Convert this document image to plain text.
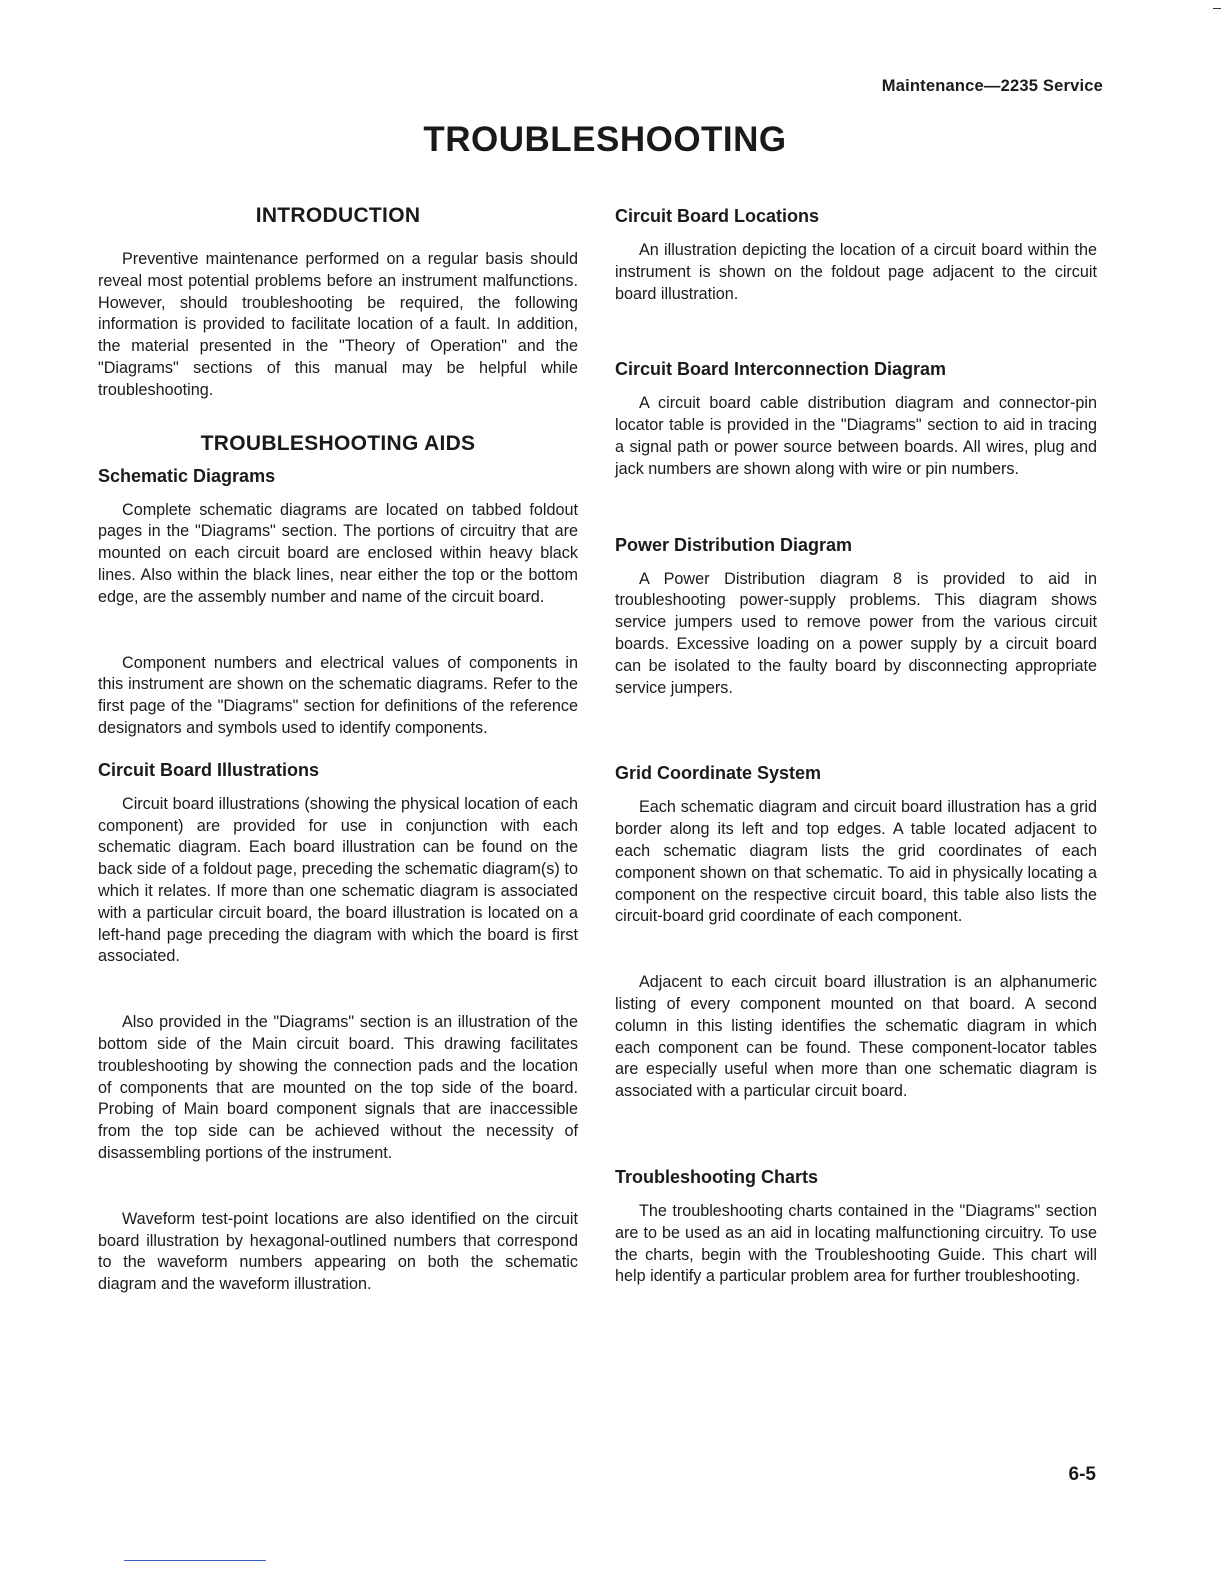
Maintenance—2235 Service
TROUBLESHOOTING
INTRODUCTION

Preventive maintenance performed on a regular basis should reveal most potential problems before an instrument malfunctions. However, should troubleshooting be required, the following information is provided to facilitate location of a fault. In addition, the material presented in the "Theory of Operation" and the "Diagrams" sections of this manual may be helpful while troubleshooting.

TROUBLESHOOTING AIDS
Schematic Diagrams

Complete schematic diagrams are located on tabbed foldout pages in the "Diagrams" section. The portions of circuitry that are mounted on each circuit board are enclosed within heavy black lines. Also within the black lines, near either the top or the bottom edge, are the assembly number and name of the circuit board.

Component numbers and electrical values of components in this instrument are shown on the schematic diagrams. Refer to the first page of the "Diagrams" section for definitions of the reference designators and symbols used to identify components.

Circuit Board Illustrations

Circuit board illustrations (showing the physical location of each component) are provided for use in conjunction with each schematic diagram. Each board illustration can be found on the back side of a foldout page, preceding the schematic diagram(s) to which it relates. If more than one schematic diagram is associated with a particular circuit board, the board illustration is located on a left-hand page preceding the diagram with which the board is first associated.

Also provided in the "Diagrams" section is an illustration of the bottom side of the Main circuit board. This drawing facilitates troubleshooting by showing the connection pads and the location of components that are mounted on the top side of the board. Probing of Main board component signals that are inaccessible from the top side can be achieved without the necessity of disassembling portions of the instrument.

Waveform test-point locations are also identified on the circuit board illustration by hexagonal-outlined numbers that correspond to the waveform numbers appearing on both the schematic diagram and the waveform illustration.

Circuit Board Locations

An illustration depicting the location of a circuit board within the instrument is shown on the foldout page adjacent to the circuit board illustration.

Circuit Board Interconnection Diagram

A circuit board cable distribution diagram and connector-pin locator table is provided in the "Diagrams" section to aid in tracing a signal path or power source between boards. All wires, plug and jack numbers are shown along with wire or pin numbers.

Power Distribution Diagram

A Power Distribution diagram 8 is provided to aid in troubleshooting power-supply problems. This diagram shows service jumpers used to remove power from the various circuit boards. Excessive loading on a power supply by a circuit board can be isolated to the faulty board by disconnecting appropriate service jumpers.

Grid Coordinate System

Each schematic diagram and circuit board illustration has a grid border along its left and top edges. A table located adjacent to each schematic diagram lists the grid coordinates of each component shown on that schematic. To aid in physically locating a component on the respective circuit board, this table also lists the circuit-board grid coordinate of each component.

Adjacent to each circuit board illustration is an alphanumeric listing of every component mounted on that board. A second column in this listing identifies the schematic diagram in which each component can be found. These component-locator tables are especially useful when more than one schematic diagram is associated with a particular circuit board.

Troubleshooting Charts

The troubleshooting charts contained in the "Diagrams" section are to be used as an aid in locating malfunctioning circuitry. To use the charts, begin with the Troubleshooting Guide. This chart will help identify a particular problem area for further troubleshooting.

6-5
